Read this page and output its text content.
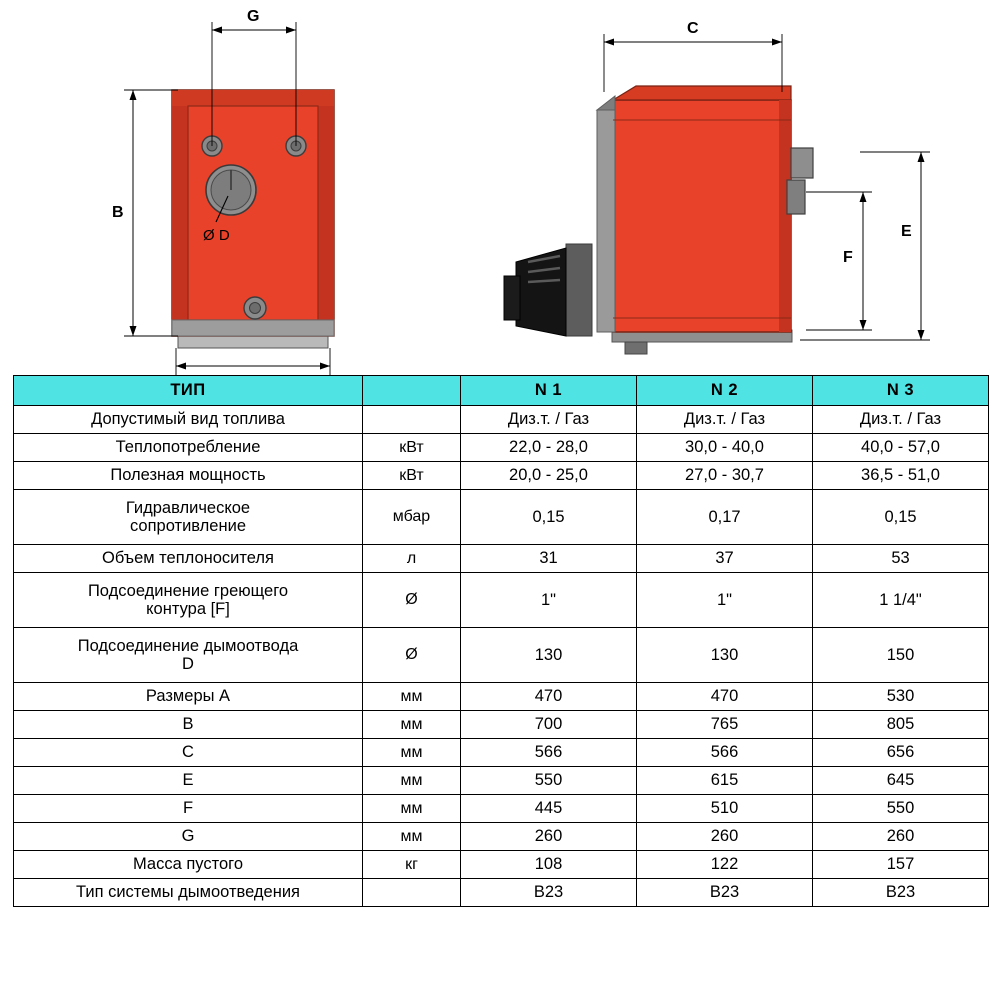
Ø D
G
B
C
E
F
ТИП		N 1	N 2	N 3

Допустимый вид топлива		Диз.т. / Газ	Диз.т. / Газ	Диз.т. / Газ

Теплопотребление	кВт	22,0 - 28,0	30,0 - 40,0	40,0 - 57,0

Полезная мощность	кВт	20,0 - 25,0	27,0 - 30,7	36,5 - 51,0

Гидравлическое
сопротивление	мбар	0,15	0,17	0,15

Объем теплоносителя	л	31	37	53

Подсоединение греющего
контура [F]	Ø	1"	1"	1 1/4"

Подсоединение дымоотвода
D	Ø	130	130	150

Размеры A	мм	470	470	530

B	мм	700	765	805

C	мм	566	566	656

E	мм	550	615	645

F	мм	445	510	550

G	мм	260	260	260

Масса пустого	кг	108	122	157

Тип системы дымоотведения		В23	В23	В23
